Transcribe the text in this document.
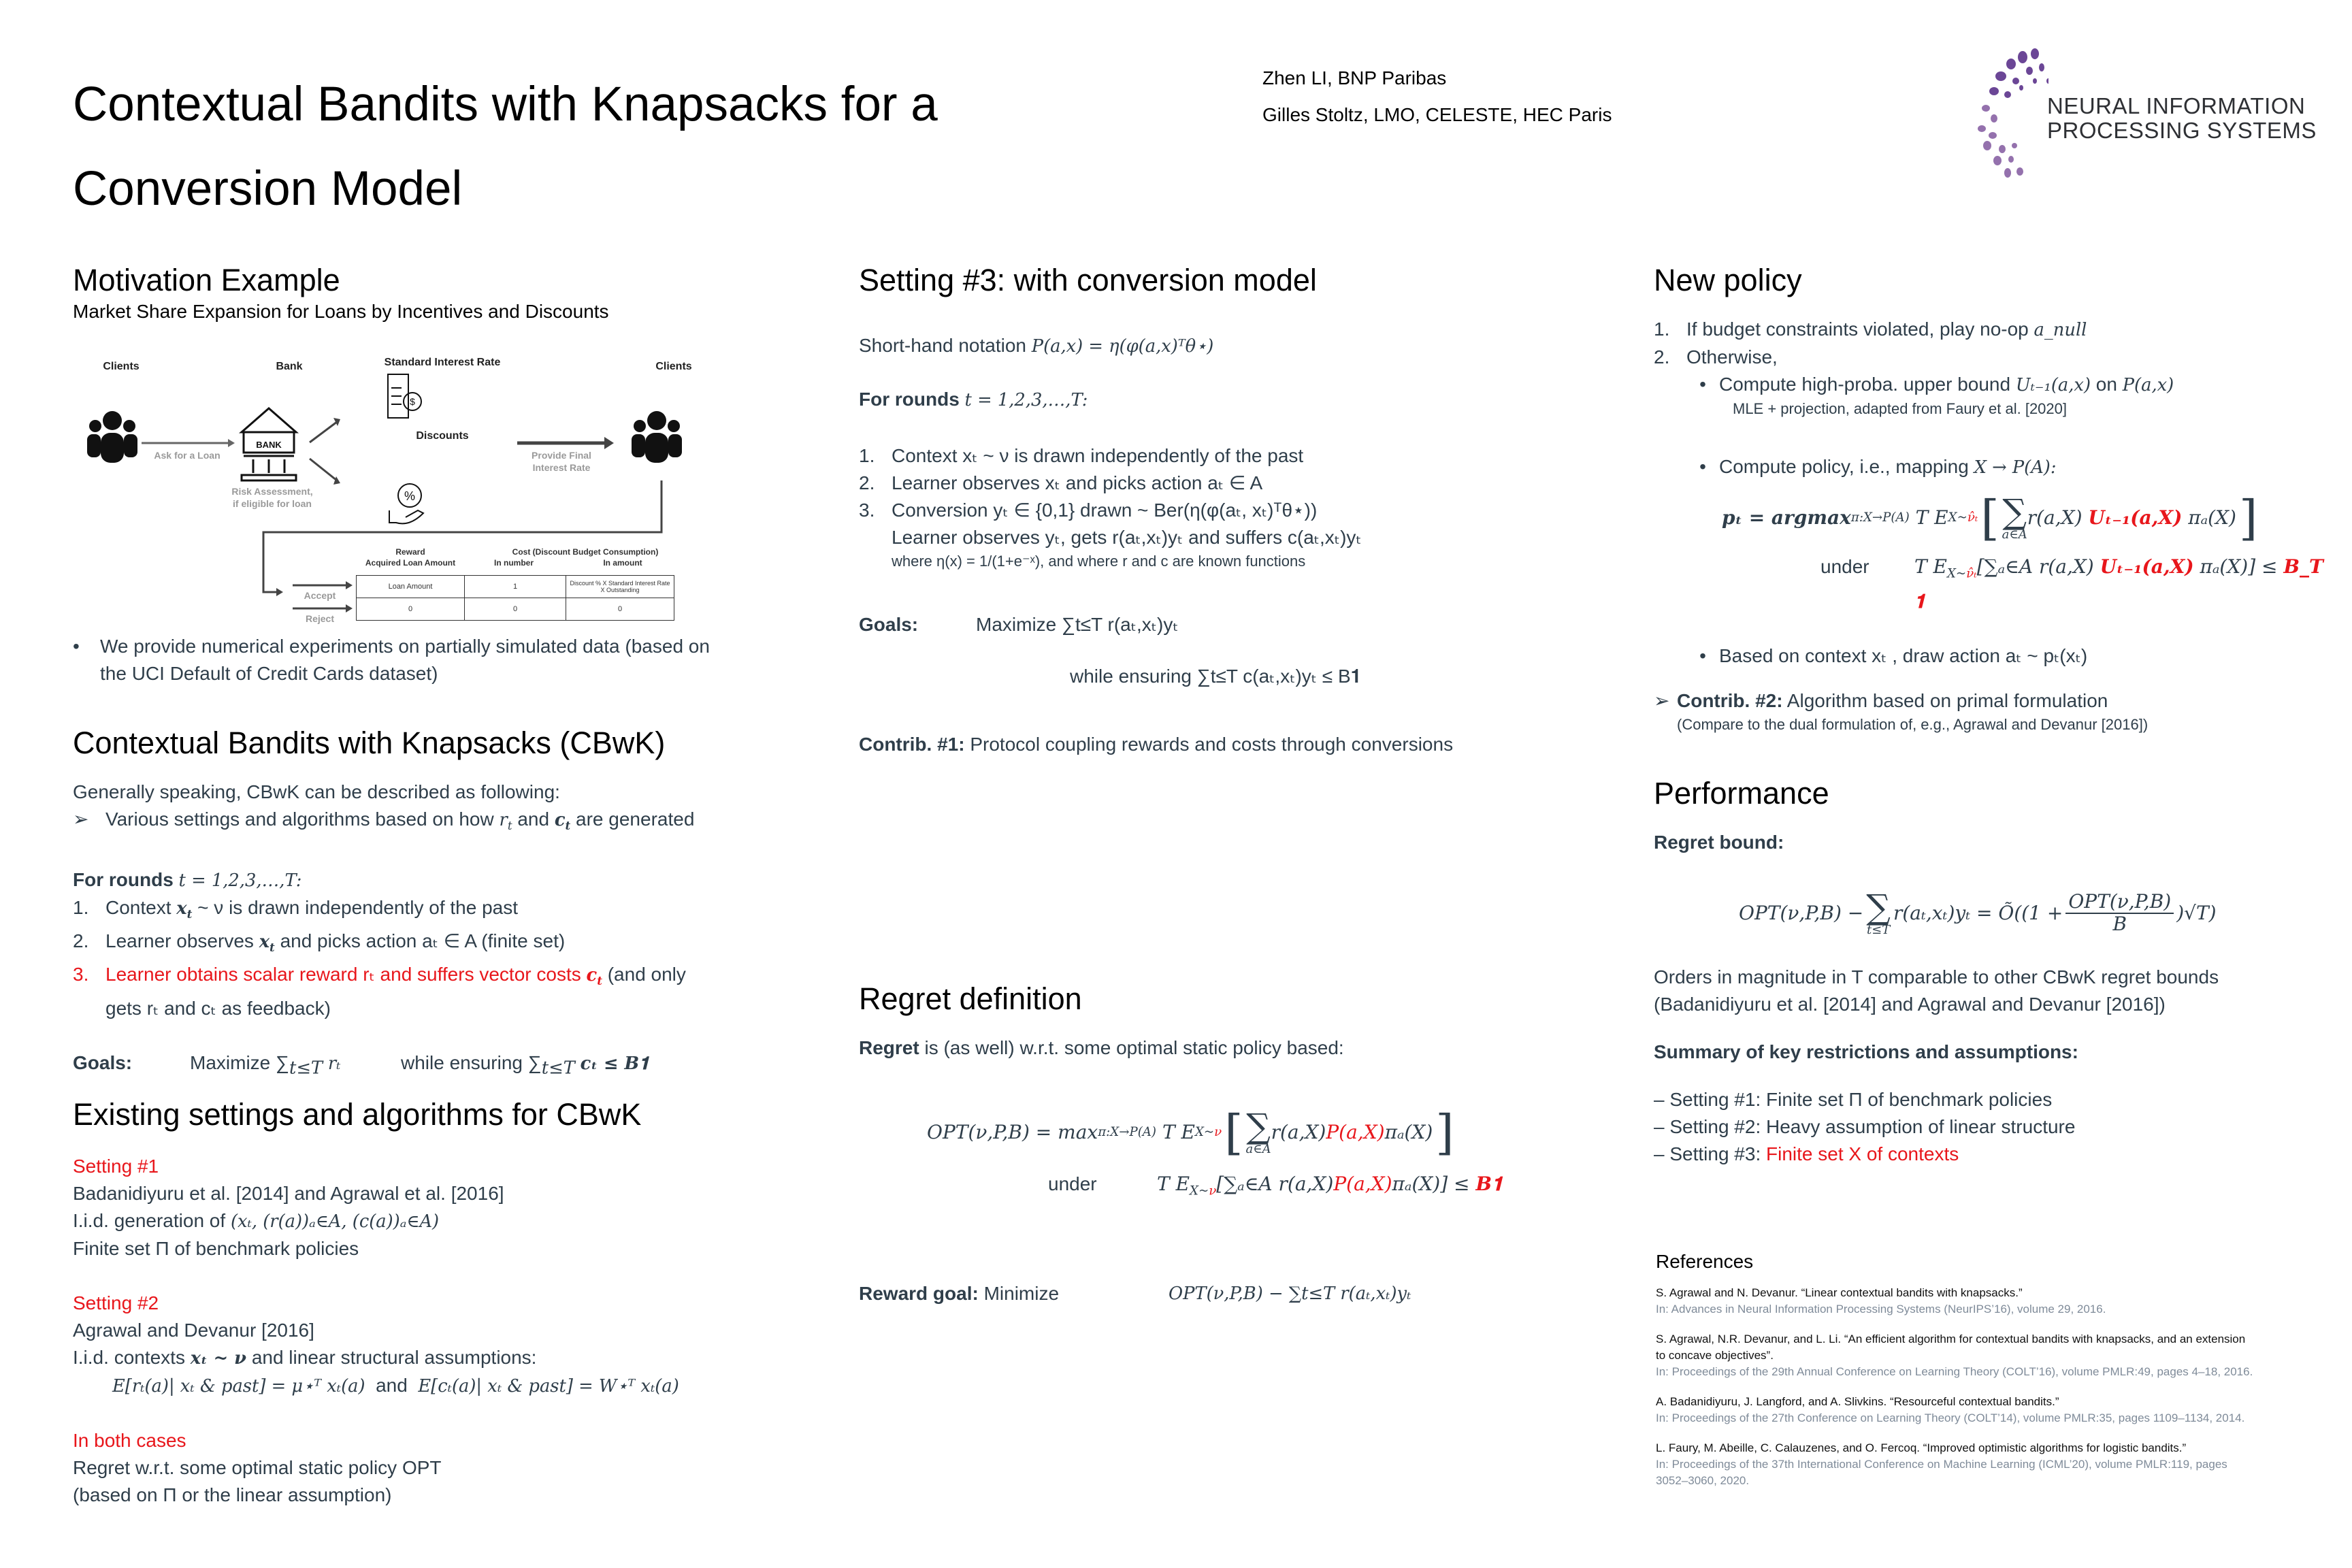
Contextual Bandits with Knapsacks for a
Conversion Model
Zhen LI, BNP Paribas
Gilles Stoltz, LMO, CELESTE, HEC Paris	NEURAL INFORMATION
PROCESSING SYSTEMS
Motivation Example
Market Share Expansion for Loans by Incentives and Discounts
Clients	Bank	Standard Interest Rate	Clients
BANK
$
%
Discounts
Ask for a Loan
Risk Assessment,
if eligible for loan
Provide Final
Interest Rate
Accept
Reject
Reward
Acquired Loan Amount
Cost (Discount Budget Consumption)
In number	In amount
Loan Amount	1	Discount % X Standard Interest Rate X Outstanding
0	0	0
•	We provide numerical experiments on partially simulated data (based on the UCI Default of Credit Cards dataset)
Contextual Bandits with Knapsacks (CBwK)
Generally speaking, CBwK can be described as following:
➢ Various settings and algorithms based on how $r_t$ and $c_t$ are generated
For rounds t = 1,2,3,…,T:
1. Context $x_t$ ~ ν is drawn independently of the past
2. Learner observes $x_t$ and picks action aₜ ∈ A (finite set)
3. Learner obtains scalar reward rₜ and suffers vector costs $c_t$ (and only
gets rₜ and cₜ as feedback)
Goals:	Maximize $\sum_{t\le T}$ rₜ	while ensuring $\sum_{t\le T}$ cₜ ≤ B𝟏
Existing settings and algorithms for CBwK
Setting #1
Badanidiyuru et al. [2014] and Agrawal et al. [2016]
I.i.d. generation of (xₜ, (r(a))ₐ∈A, (c(a))ₐ∈A)
Finite set Π of benchmark policies
Setting #2
Agrawal and Devanur [2016]
I.i.d. contexts xₜ ~ ν and linear structural assumptions:
E[rₜ(a)| xₜ & past] = μ⋆ᵀ xₜ(a) and E[cₜ(a)| xₜ & past] = W⋆ᵀ xₜ(a)
In both cases
Regret w.r.t. some optimal static policy OPT
(based on Π or the linear assumption)
Setting #3: with conversion model
Short-hand notation P(a,x) = η(φ(a,x)ᵀθ⋆)
For rounds t = 1,2,3,…,T:
1. Context xₜ ~ ν is drawn independently of the past
2. Learner observes xₜ and picks action aₜ ∈ A
3. Conversion yₜ ∈ {0,1} drawn ~ Ber(η(φ(aₜ, xₜ)ᵀθ⋆))
Learner observes yₜ, gets r(aₜ,xₜ)yₜ and suffers c(aₜ,xₜ)yₜ
where η(x) = 1/(1+e⁻ˣ), and where r and c are known functions
Goals:	Maximize ∑t≤T r(aₜ,xₜ)yₜ
while ensuring ∑t≤T c(aₜ,xₜ)yₜ ≤ B𝟏
Contrib. #1: Protocol coupling rewards and costs through conversions
Regret definition
Regret is (as well) w.r.t. some optimal static policy based:
OPT(ν,P,B) = max π:X→P(A)
T E X~ν [ ∑
a∈A
r(a,X) P(a,X) πₐ(X) ]
under	T $E_{X\sim\nu}[\sum_a\in A$ r(a,X)P(a,X)πₐ(X)] ≤ B𝟏
Reward goal: Minimize	OPT(ν,P,B) − ∑t≤T r(aₜ,xₜ)yₜ
New policy
1. If budget constraints violated, play no-op a_null
2. Otherwise,
• Compute high-proba. upper bound Uₜ₋₁(a,x) on P(a,x)
MLE + projection, adapted from Faury et al. [2020]
• Compute policy, i.e., mapping X → P(A):
pₜ = argmax π:X→P(A)
T E X~ν̂ₜ [ ∑
a∈A
r(a,X)
Uₜ₋₁(a,X)
πₐ(X) ]
under	T $E_{X\sim\nû_t}[\sum_a\in A$ r(a,X) Uₜ₋₁(a,X) πₐ(X)] ≤ B_T 𝟏
• Based on context xₜ , draw action aₜ ~ pₜ(xₜ)
➢ Contrib. #2: Algorithm based on primal formulation
(Compare to the dual formulation of, e.g., Agrawal and Devanur [2016])
Performance
Regret bound:
OPT(ν,P,B) − ∑
t≤T
r(aₜ,xₜ)yₜ = Õ((1 +
OPT(ν,P,B)
B	)√T)
Orders in magnitude in T comparable to other CBwK regret bounds
(Badanidiyuru et al. [2014] and Agrawal and Devanur [2016])
Summary of key restrictions and assumptions:
– Setting #1: Finite set Π of benchmark policies
– Setting #2: Heavy assumption of linear structure
– Setting #3: Finite set X of contexts
References
S. Agrawal and N. Devanur. “Linear contextual bandits with knapsacks.”
In: Advances in Neural Information Processing Systems (NeurIPS’16), volume 29, 2016.
S. Agrawal, N.R. Devanur, and L. Li. “An efficient algorithm for contextual bandits with knapsacks, and an extension to concave objectives”.
In: Proceedings of the 29th Annual Conference on Learning Theory (COLT’16), volume PMLR:49, pages 4–18, 2016.
A. Badanidiyuru, J. Langford, and A. Slivkins. “Resourceful contextual bandits.”
In: Proceedings of the 27th Conference on Learning Theory (COLT’14), volume PMLR:35, pages 1109–1134, 2014.
L. Faury, M. Abeille, C. Calauzenes, and O. Fercoq. “Improved optimistic algorithms for logistic bandits.”
In: Proceedings of the 37th International Conference on Machine Learning (ICML’20), volume PMLR:119, pages 3052–3060, 2020.
